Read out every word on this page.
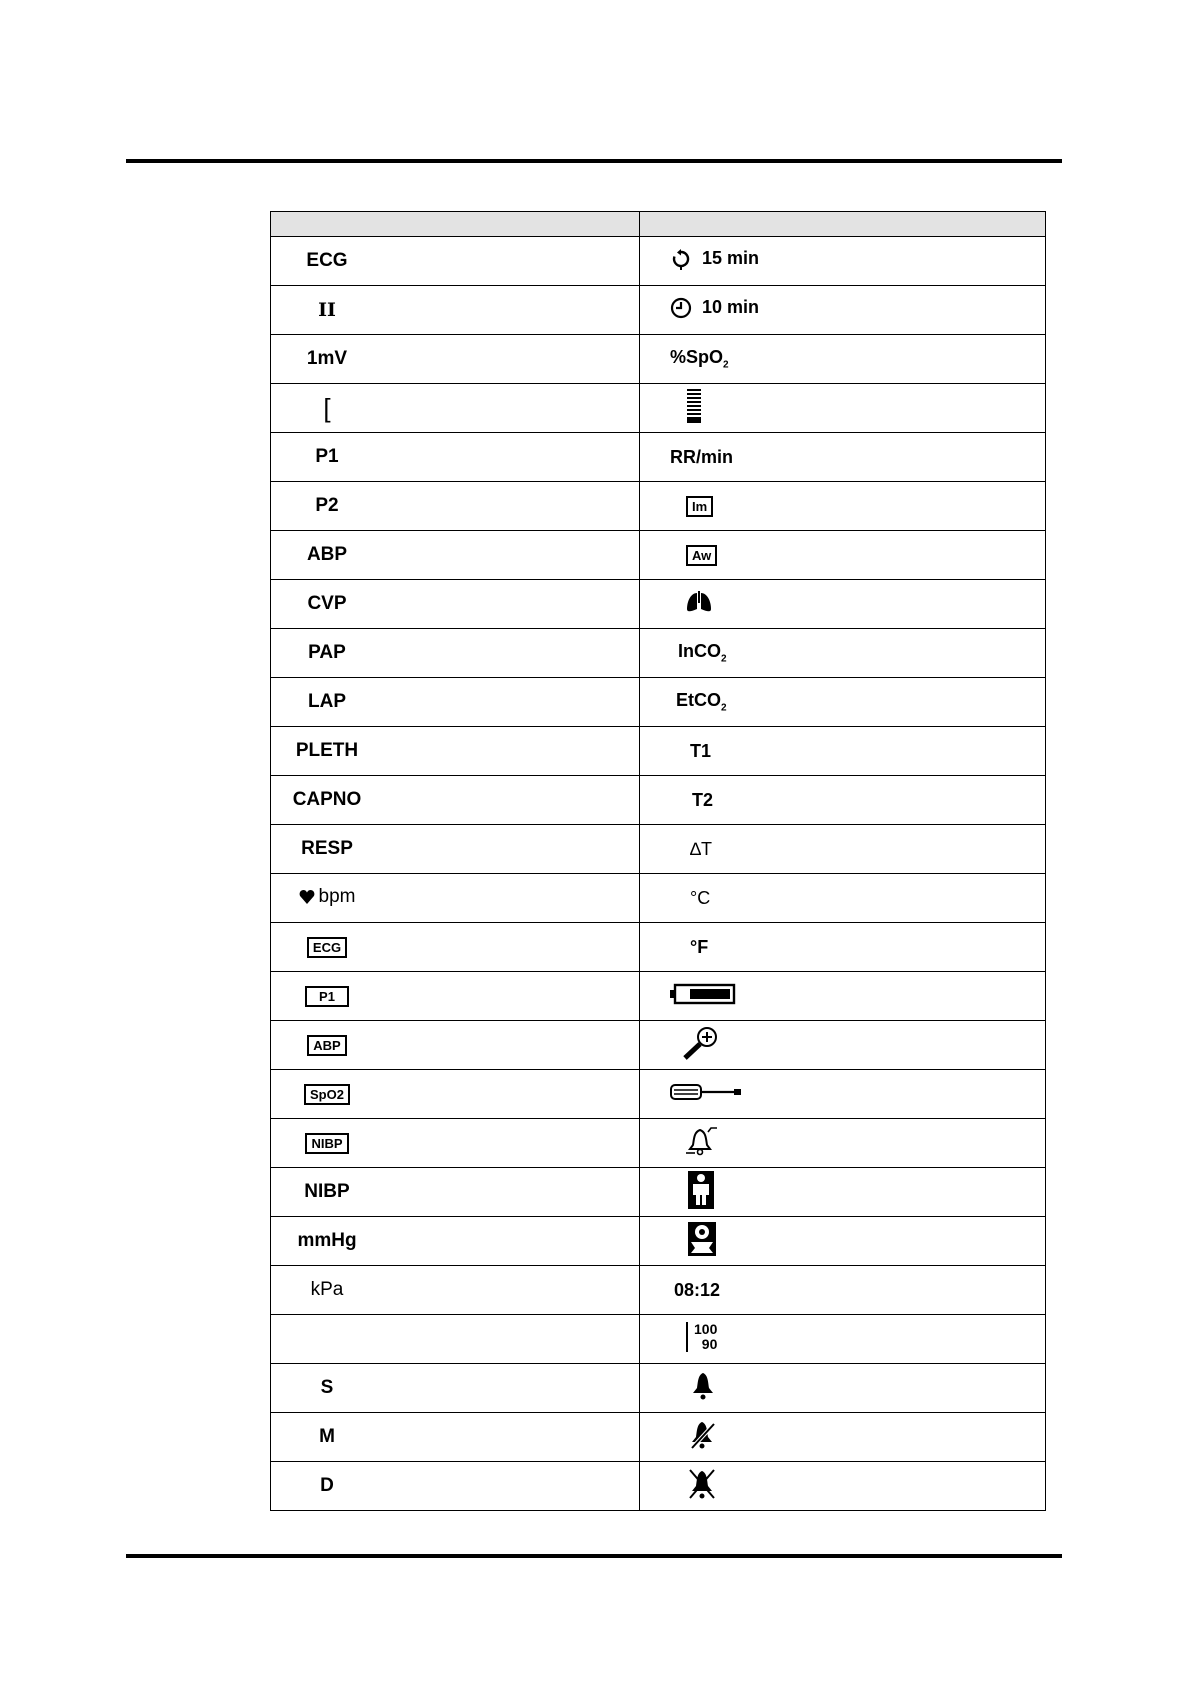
ECG	15 min

II	10 min

1mV	%SpO$_2$

[	

P1	RR/min

P2	Im

ABP	Aw

CVP	

PAP	InCO$_2$

LAP	EtCO$_2$

PLETH	T1

CAPNO	T2

RESP	∆T

bpm	°C

ECG	°F

P1	

ABP	

SpO2	

NIBP	

NIBP	

mmHg	

kPa	08:12

	100
90

S	

M	

D	
